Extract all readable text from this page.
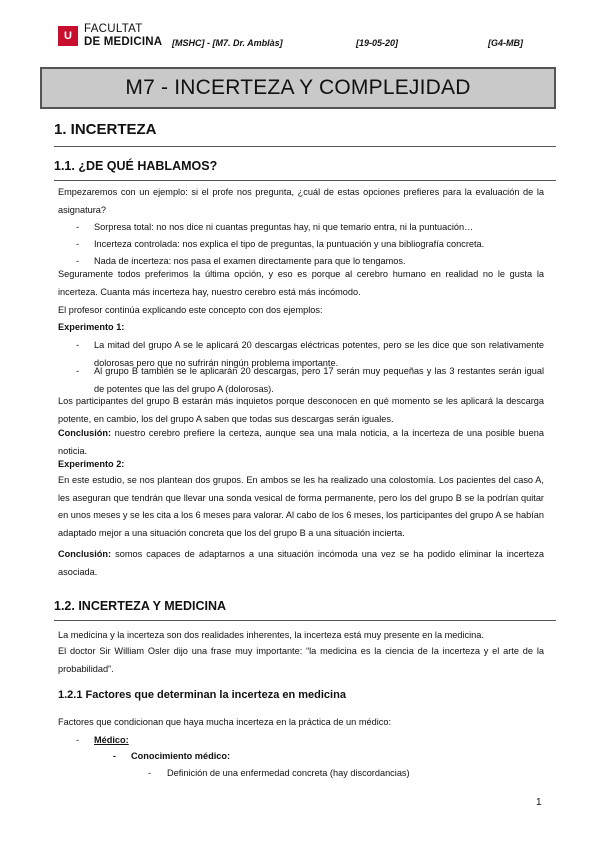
U
FACULTAT
DE MEDICINA [MSHC] - [M7. Dr. Amblàs]	[19-05-20]	[G4-MB]
M7 - INCERTEZA Y COMPLEJIDAD
1. INCERTEZA
1.1. ¿DE QUÉ HABLAMOS?
Empezaremos con un ejemplo: si el profe nos pregunta, ¿cuál de estas opciones prefieres para la evaluación de la asignatura?
- Sorpresa total: no nos dice ni cuantas preguntas hay, ni que temario entra, ni la puntuación…
- Incerteza controlada: nos explica el tipo de preguntas, la puntuación y una bibliografía concreta.
- Nada de incerteza: nos pasa el examen directamente para que lo tengamos.
Seguramente todos preferimos la última opción, y eso es porque al cerebro humano en realidad no le gusta la incerteza. Cuanta más incerteza hay, nuestro cerebro está más incómodo.
El profesor continúa explicando este concepto con dos ejemplos:
Experimento 1:
- La mitad del grupo A se le aplicará 20 descargas eléctricas potentes, pero se les dice que son relativamente dolorosas pero que no sufrirán ningún problema importante.
- Al grupo B también se le aplicarán 20 descargas, pero 17 serán muy pequeñas y las 3 restantes serán igual de potentes que las del grupo A (dolorosas).
Los participantes del grupo B estarán más inquietos porque desconocen en qué momento se les aplicará la descarga potente, en cambio, los del grupo A saben que todas sus descargas serán iguales.
Conclusión: nuestro cerebro prefiere la certeza, aunque sea una mala noticia, a la incerteza de una posible buena noticia.
Experimento 2:
En este estudio, se nos plantean dos grupos. En ambos se les ha realizado una colostomía. Los pacientes del caso A, les aseguran que tendrán que llevar una sonda vesical de forma permanente, pero los del grupo B se la podrían quitar en unos meses y se les cita a los 6 meses para valorar. Al cabo de los 6 meses, los participantes del grupo A se habían adaptado mejor a una situación concreta que los del grupo B a una situación incierta.
Conclusión: somos capaces de adaptarnos a una situación incómoda una vez se ha podido eliminar la incerteza asociada.
1.2. INCERTEZA Y MEDICINA
La medicina y la incerteza son dos realidades inherentes, la incerteza está muy presente en la medicina.
El doctor Sir William Osler dijo una frase muy importante: “la medicina es la ciencia de la incerteza y el arte de la probabilidad”.
1.2.1 Factores que determinan la incerteza en medicina
Factores que condicionan que haya mucha incerteza en la práctica de un médico:
- Médico:
- Conocimiento médico:
- Definición de una enfermedad concreta (hay discordancias)
1
